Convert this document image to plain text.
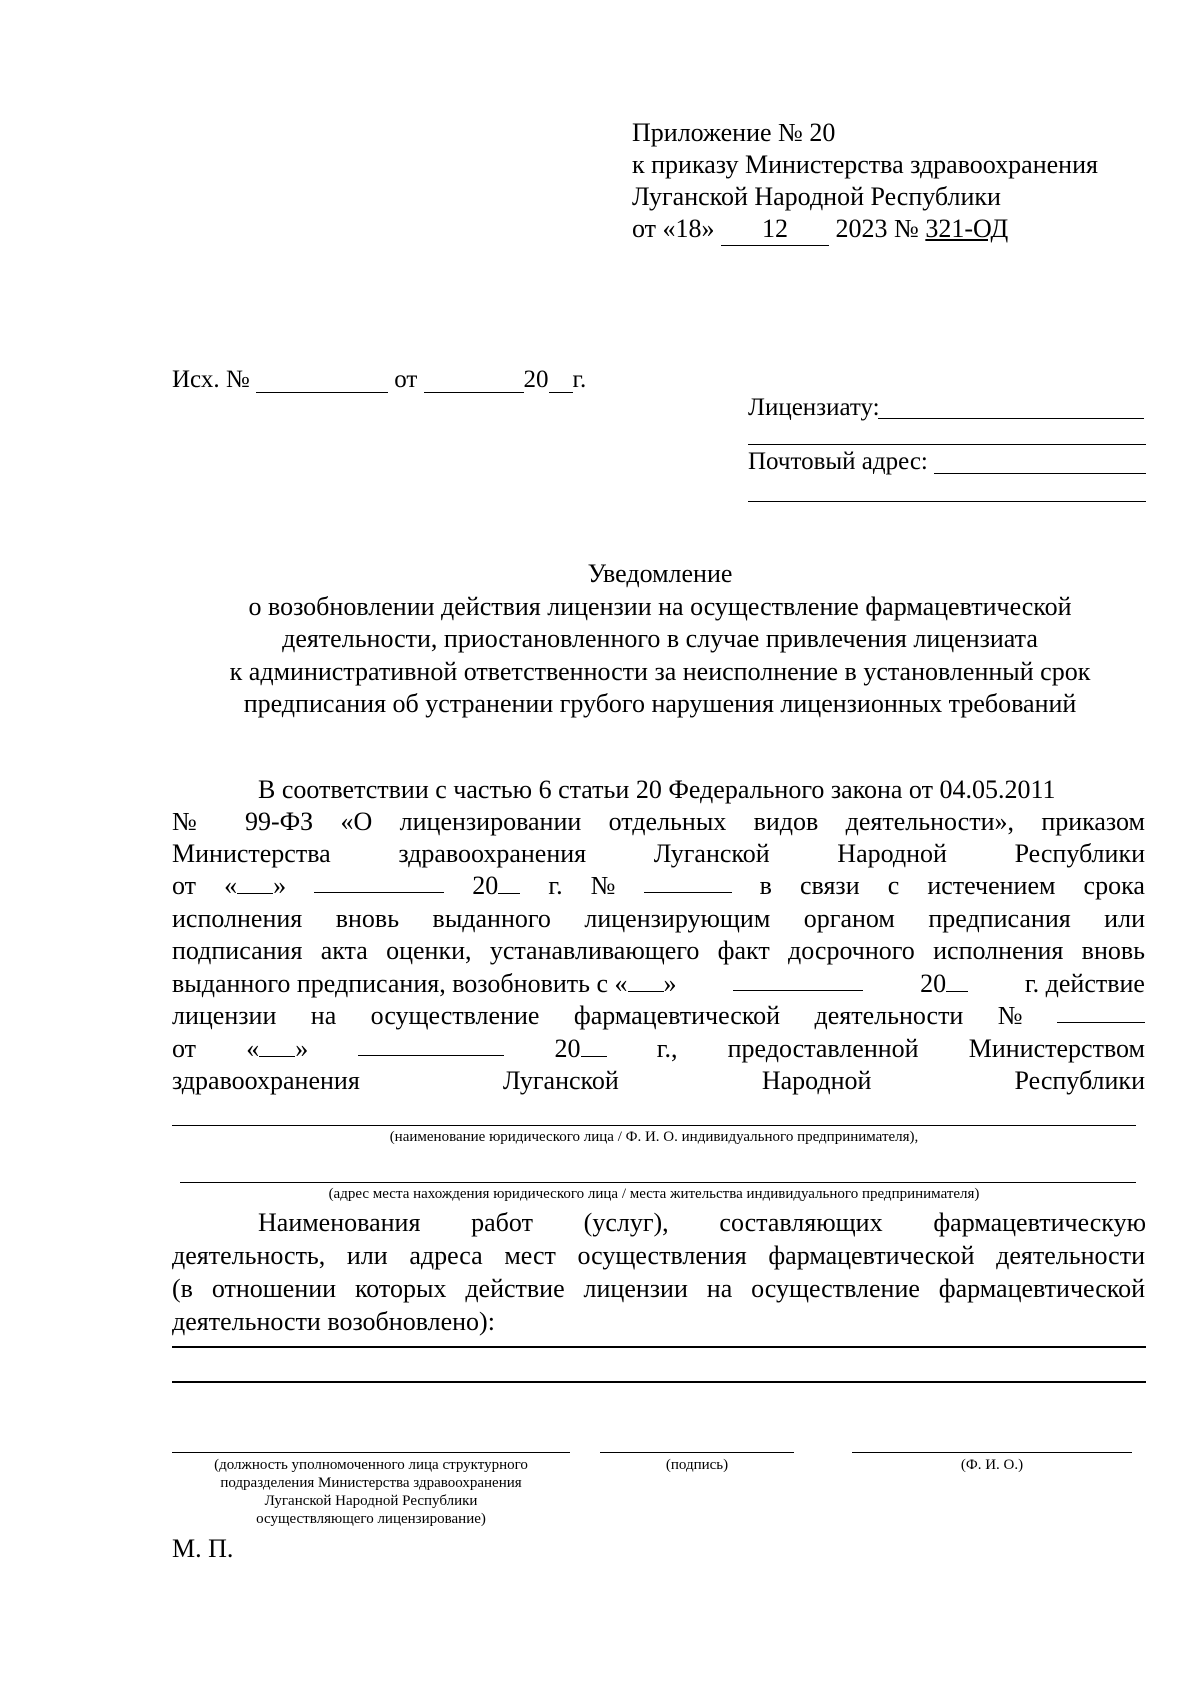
Приложение № 20
к приказу Министерства здравоохранения
Луганской Народной Республики
от «18» 12 2023 № 321-ОД
Исх. №	от	20 г.
Лицензиату:
Почтовый адрес:
Уведомление
о возобновлении действия лицензии на осуществление фармацевтической
деятельности, приостановленного в случае привлечения лицензиата
к административной ответственности за неисполнение в установленный срок
предписания об устранении грубого нарушения лицензионных требований
В соответствии с частью 6 статьи 20 Федерального закона от 04.05.2011
№ 99-ФЗ «О лицензировании отдельных видов деятельности», приказом
Министерства	здравоохранения	Луганской	Народной	Республики
от « »	20	г. №	в связи с истечением срока
исполнения вновь выданного лицензирующим органом предписания или
подписания акта оценки, устанавливающего факт досрочного исполнения вновь
выданного предписания, возобновить с « »	20	г. действие
лицензии на осуществление фармацевтической деятельности №
от « »	20	г., предоставленной Министерством
здравоохранения	Луганской	Народной	Республики
(наименование юридического лица / Ф. И. О. индивидуального предпринимателя),
(адрес места нахождения юридического лица / места жительства индивидуального предпринимателя)
Наименования работ (услуг), составляющих фармацевтическую
деятельность, или адреса мест осуществления фармацевтической деятельности
(в отношении которых действие лицензии на осуществление фармацевтической
деятельности возобновлено):
(должность уполномоченного лица структурного
подразделения Министерства здравоохранения
Луганской Народной Республики
осуществляющего лицензирование)
(подпись)	(Ф. И. О.)
М. П.
